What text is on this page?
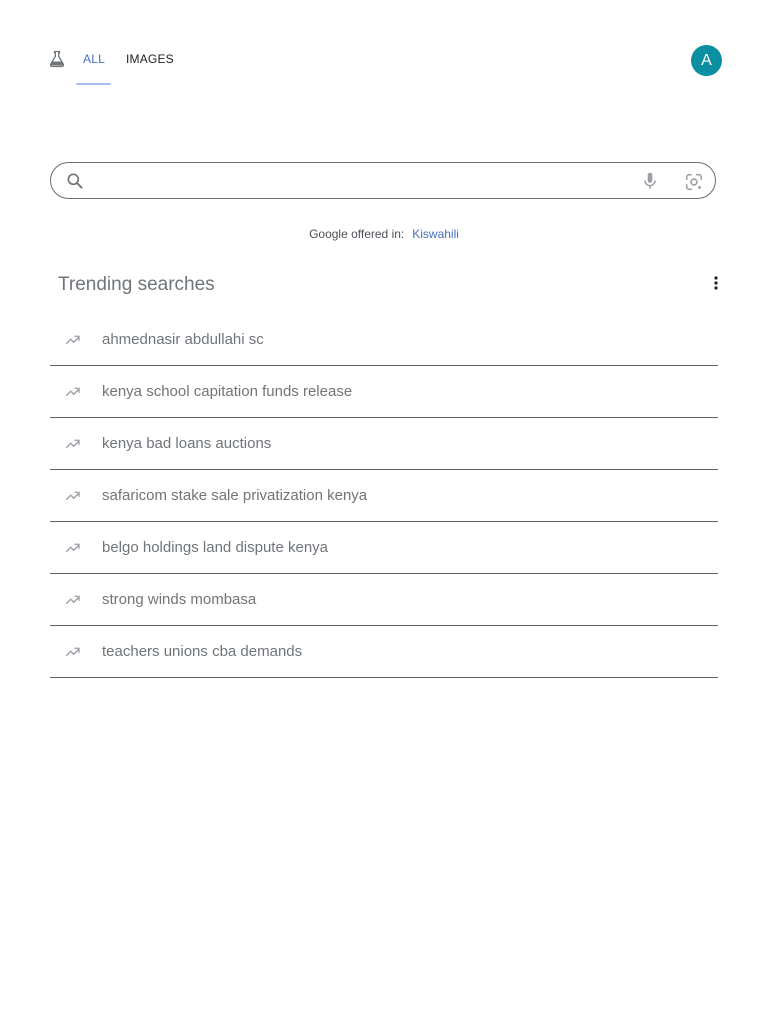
ALL IMAGES	A
Google offered in: Kiswahili
Trending searches
ahmednasir abdullahi sc
kenya school capitation funds release
kenya bad loans auctions
safaricom stake sale privatization kenya
belgo holdings land dispute kenya
strong winds mombasa
teachers unions cba demands
